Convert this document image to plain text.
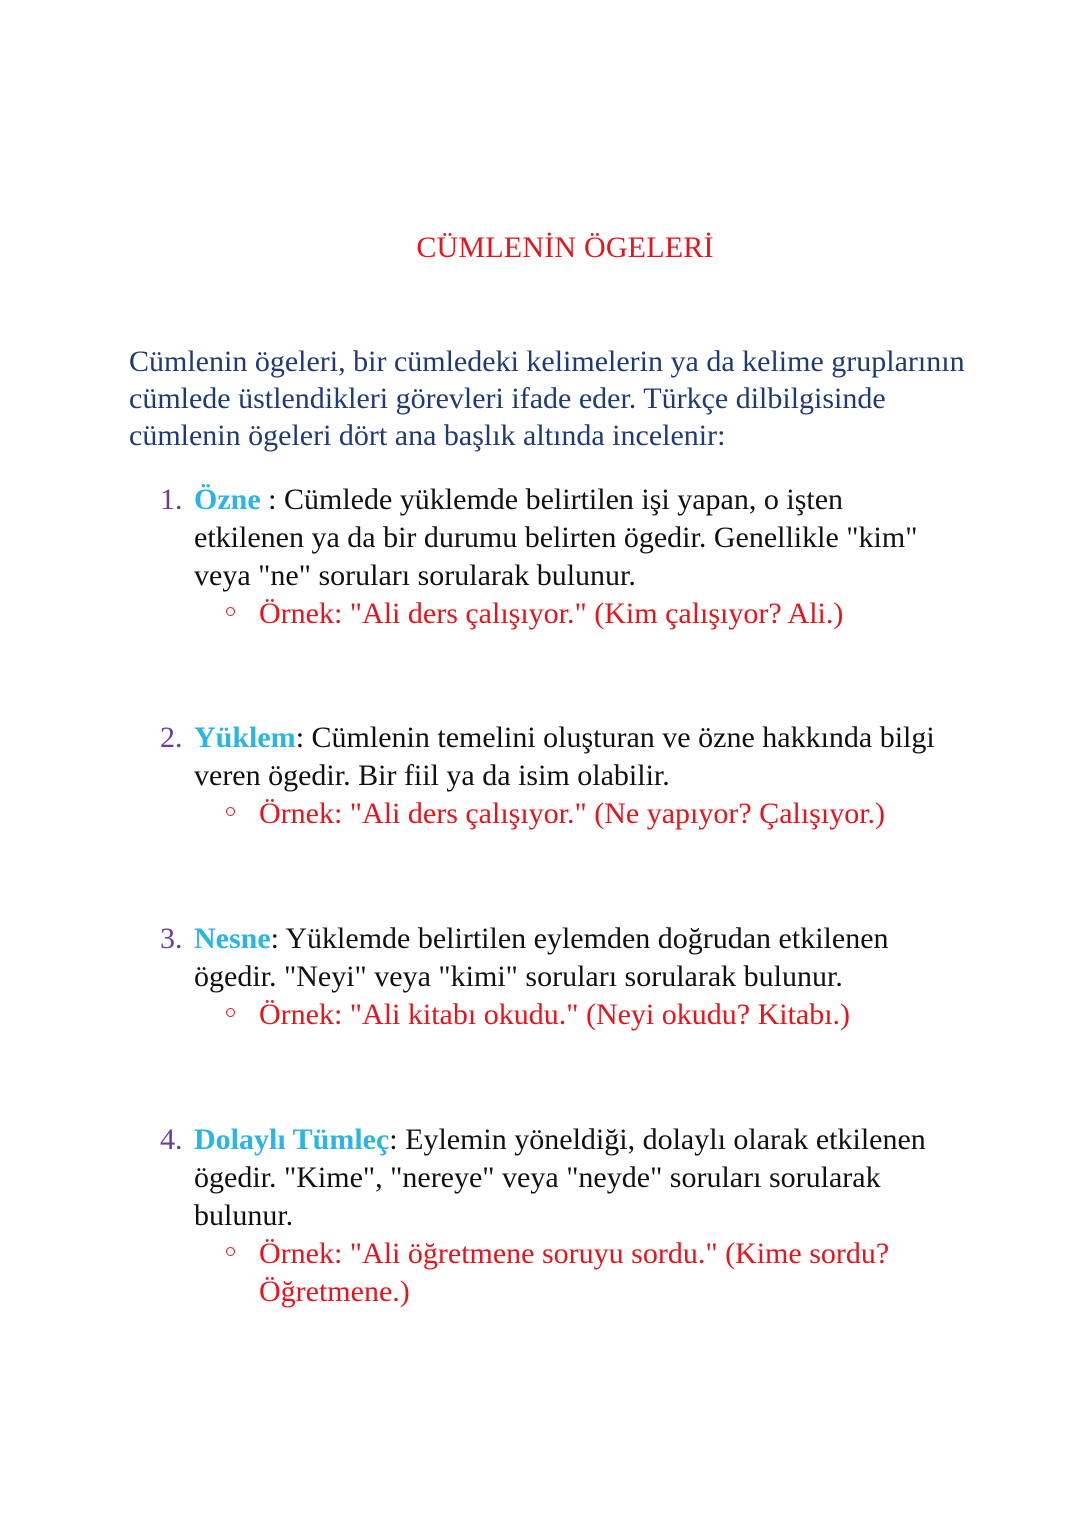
CÜMLENİN ÖGELERİ
Cümlenin ögeleri, bir cümledeki kelimelerin ya da kelime gruplarının cümlede üstlendikleri görevleri ifade eder. Türkçe dilbilgisinde cümlenin ögeleri dört ana başlık altında incelenir:
1. Özne : Cümlede yüklemde belirtilen işi yapan, o işten etkilenen ya da bir durumu belirten ögedir. Genellikle "kim" veya "ne" soruları sorularak bulunur.
Örnek: "Ali ders çalışıyor." (Kim çalışıyor? Ali.)
2. Yüklem: Cümlenin temelini oluşturan ve özne hakkında bilgi veren ögedir. Bir fiil ya da isim olabilir.
Örnek: "Ali ders çalışıyor." (Ne yapıyor? Çalışıyor.)
3. Nesne: Yüklemde belirtilen eylemden doğrudan etkilenen ögedir. "Neyi" veya "kimi" soruları sorularak bulunur.
Örnek: "Ali kitabı okudu." (Neyi okudu? Kitabı.)
4. Dolaylı Tümleç: Eylemin yöneldiği, dolaylı olarak etkilenen ögedir. "Kime", "nereye" veya "neyde" soruları sorularak bulunur.
Örnek: "Ali öğretmene soruyu sordu." (Kime sordu? Öğretmene.)
